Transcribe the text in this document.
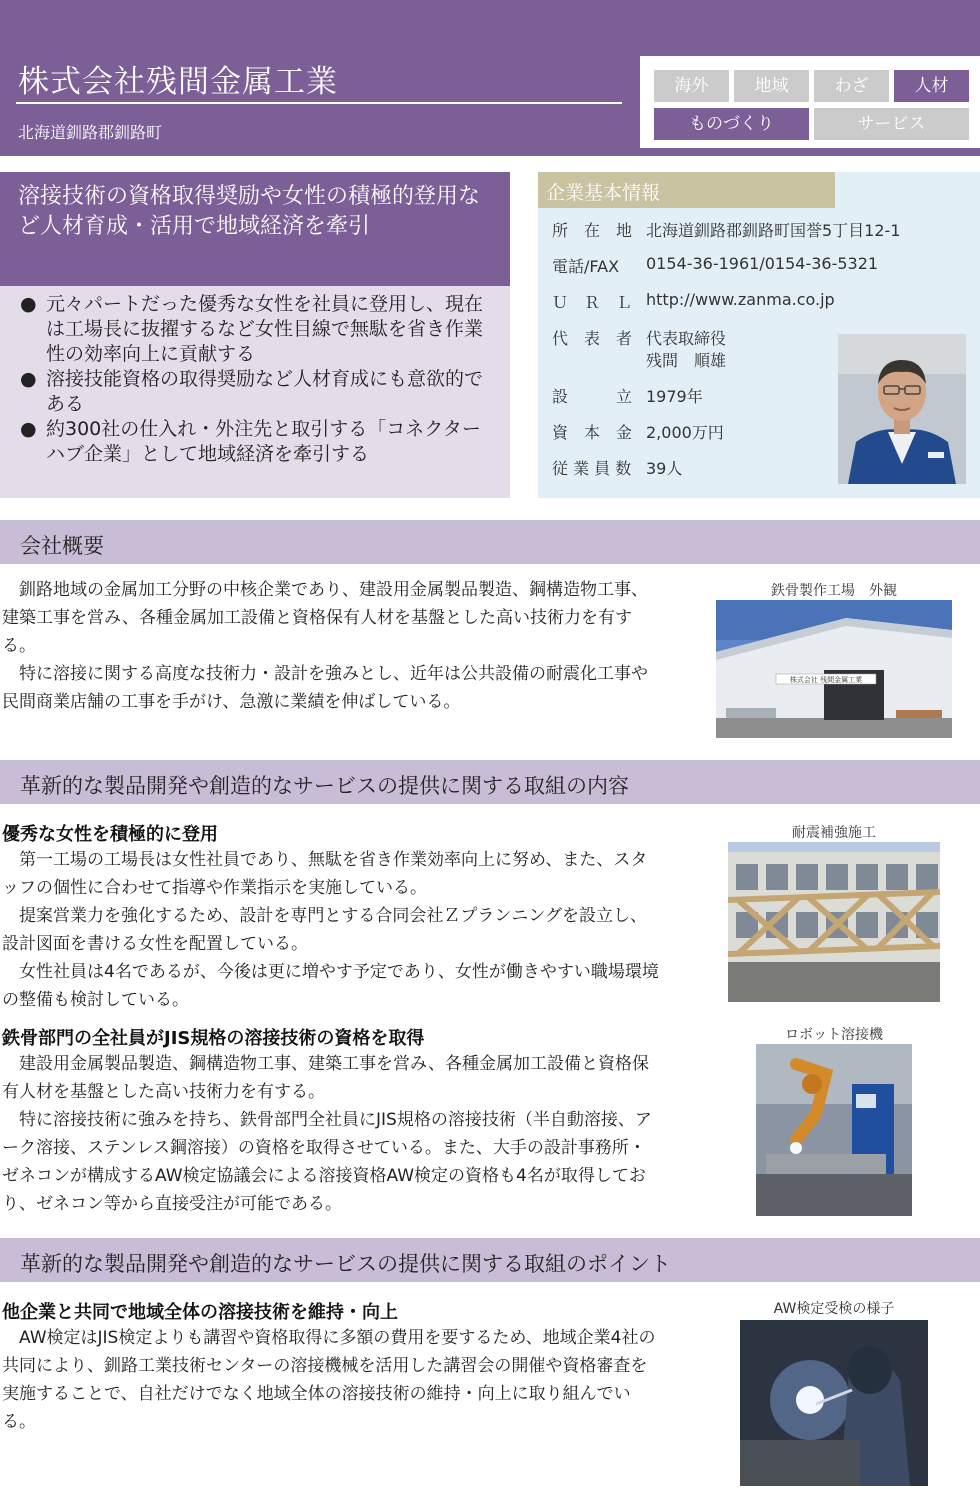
株式会社残間金属工業
北海道釧路郡釧路町
海外	地域	わざ	人材
ものづくり	サービス
溶接技術の資格取得奨励や女性の積極的登用など人材育成・活用で地域経済を牽引
● 元々パートだった優秀な女性を社員に登用し、現在は工場長に抜擢するなど女性目線で無駄を省き作業性の効率向上に貢献する
● 溶接技能資格の取得奨励など人材育成にも意欲的である
● 約300社の仕入れ・外注先と取引する「コネクターハブ企業」として地域経済を牽引する
企業基本情報
所　在　地 北海道釧路郡釧路町国誉5丁目12-1
電話/FAX 0154-36-1961/0154-36-5321
Ｕ　Ｒ　Ｌ http://www.zanma.co.jp
代　表　者 代表取締役
残間　順雄
設　　　立 1979年
資　本　金 2,000万円
従 業 員 数 39人
会社概要

釧路地域の金属加工分野の中核企業であり、建設用金属製品製造、鋼構造物工事、建築工事を営み、各種金属加工設備と資格保有人材を基盤とした高い技術力を有する。

特に溶接に関する高度な技術力・設計を強みとし、近年は公共設備の耐震化工事や民間商業店舗の工事を手がけ、急激に業績を伸ばしている。

鉄骨製作工場　外観
株式会社 残間金属工業
革新的な製品開発や創造的なサービスの提供に関する取組の内容
優秀な女性を積極的に登用

第一工場の工場長は女性社員であり、無駄を省き作業効率向上に努め、また、スタッフの個性に合わせて指導や作業指示を実施している。

提案営業力を強化するため、設計を専門とする合同会社Ｚプランニングを設立し、設計図面を書ける女性を配置している。

女性社員は4名であるが、今後は更に増やす予定であり、女性が働きやすい職場環境の整備も検討している。

耐震補強施工
鉄骨部門の全社員がJIS規格の溶接技術の資格を取得

建設用金属製品製造、鋼構造物工事、建築工事を営み、各種金属加工設備と資格保有人材を基盤とした高い技術力を有する。

特に溶接技術に強みを持ち、鉄骨部門全社員にJIS規格の溶接技術（半自動溶接、アーク溶接、ステンレス鋼溶接）の資格を取得させている。また、大手の設計事務所・ゼネコンが構成するAW検定協議会による溶接資格AW検定の資格も4名が取得しており、ゼネコン等から直接受注が可能である。

ロボット溶接機
革新的な製品開発や創造的なサービスの提供に関する取組のポイント
他企業と共同で地域全体の溶接技術を維持・向上

AW検定はJIS検定よりも講習や資格取得に多額の費用を要するため、地域企業4社の共同により、釧路工業技術センターの溶接機械を活用した講習会の開催や資格審査を実施することで、自社だけでなく地域全体の溶接技術の維持・向上に取り組んでいる。

AW検定受検の様子
